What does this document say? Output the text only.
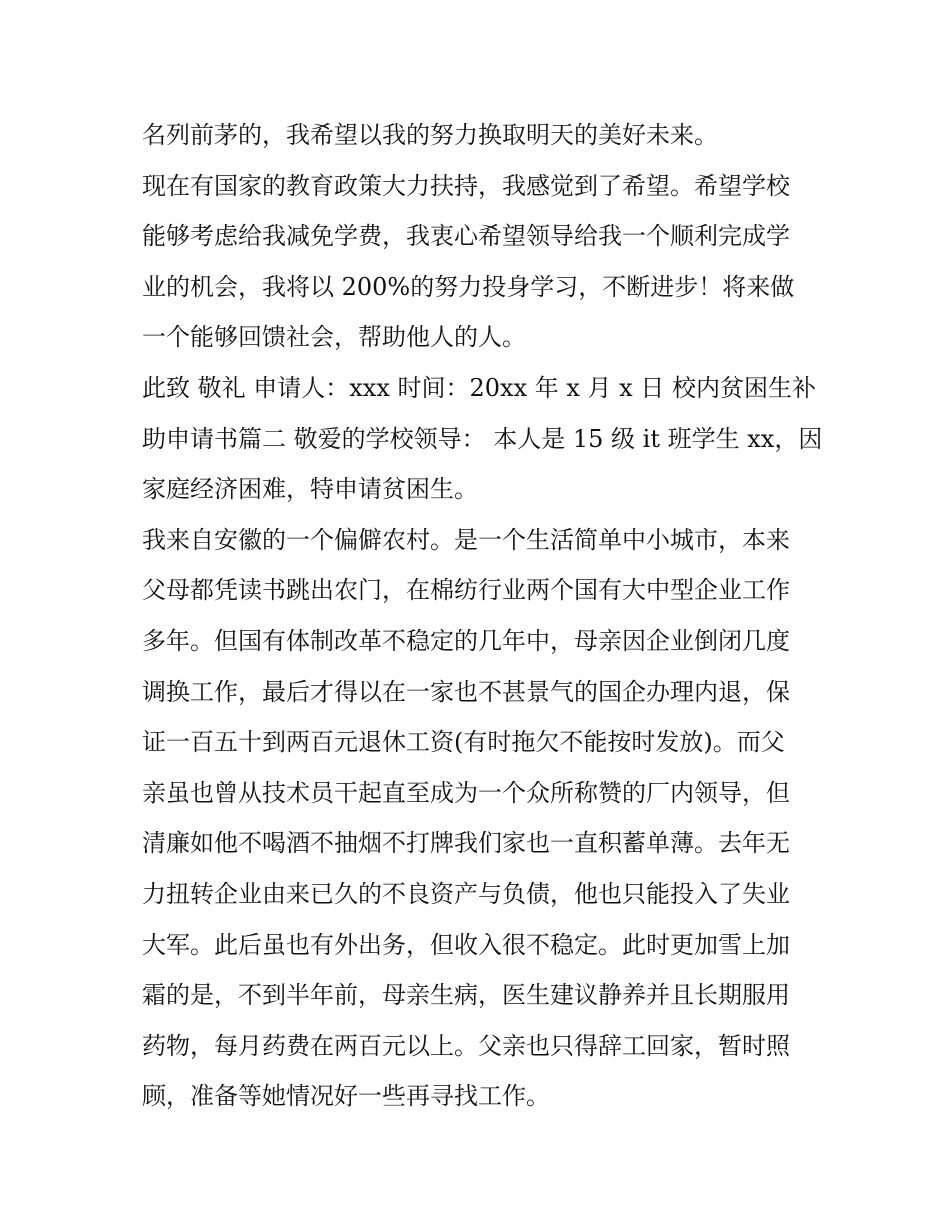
名列前茅的，我希望以我的努力换取明天的美好未来。
现在有国家的教育政策大力扶持，我感觉到了希望。希望学校
能够考虑给我减免学费，我衷心希望领导给我一个顺利完成学
业的机会，我将以 200%的努力投身学习，不断进步！将来做
一个能够回馈社会，帮助他人的人。
此致 敬礼 申请人：xxx 时间：20xx 年 x 月 x 日 校内贫困生补
助申请书篇二 敬爱的学校领导： 本人是 15 级 it 班学生 xx，因
家庭经济困难，特申请贫困生。
我来自安徽的一个偏僻农村。是一个生活简单中小城市，本来
父母都凭读书跳出农门，在棉纺行业两个国有大中型企业工作
多年。但国有体制改革不稳定的几年中，母亲因企业倒闭几度
调换工作，最后才得以在一家也不甚景气的国企办理内退，保
证一百五十到两百元退休工资(有时拖欠不能按时发放)。而父
亲虽也曾从技术员干起直至成为一个众所称赞的厂内领导，但
清廉如他不喝酒不抽烟不打牌我们家也一直积蓄单薄。去年无
力扭转企业由来已久的不良资产与负债，他也只能投入了失业
大军。此后虽也有外出务，但收入很不稳定。此时更加雪上加
霜的是，不到半年前，母亲生病，医生建议静养并且长期服用
药物，每月药费在两百元以上。父亲也只得辞工回家，暂时照
顾，准备等她情况好一些再寻找工作。
